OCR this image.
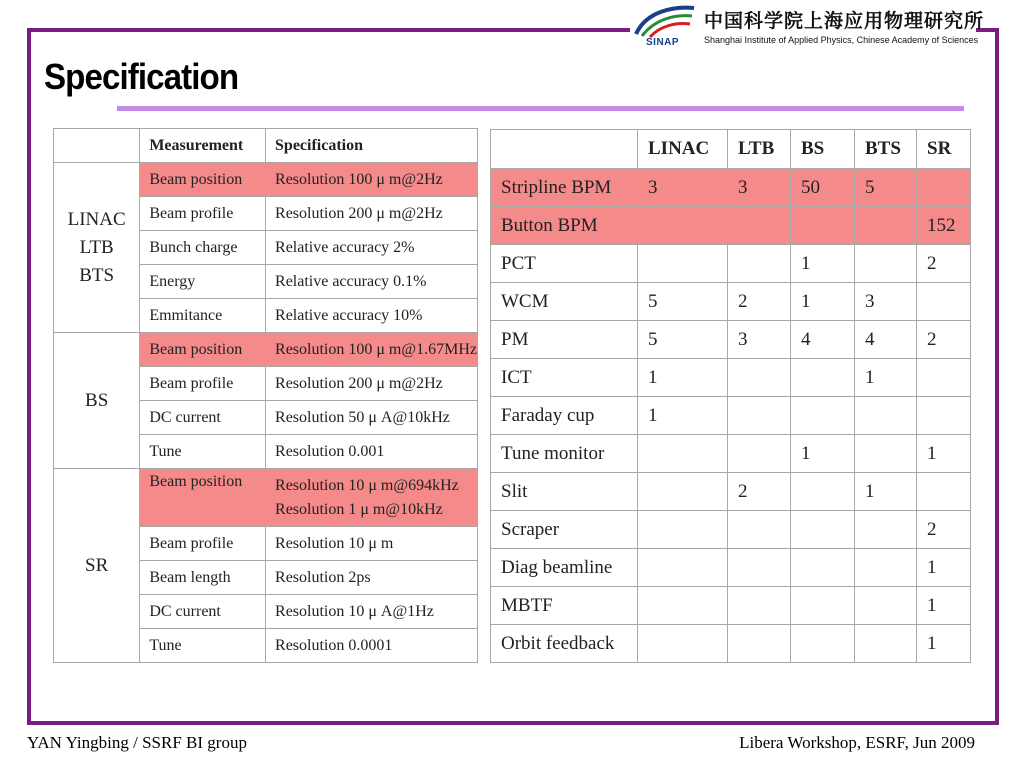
SINAP
中国科学院上海应用物理研究所
Shanghai Institute of Applied Physics, Chinese Academy of Sciences
Specification
	Measurement	Specification

LINAC
LTB
BTS	Beam position	Resolution 100 μ m@2Hz

	Beam profile	Resolution 200 μ m@2Hz

	Bunch charge	Relative accuracy 2%

	Energy	Relative accuracy 0.1%

	Emmitance	Relative accuracy 10%

BS	Beam position	Resolution 100 μ m@1.67MHz

	Beam profile	Resolution 200 μ m@2Hz

	DC current	Resolution 50 μ A@10kHz

	Tune	Resolution 0.001

SR	Beam position	Resolution 10 μ m@694kHz
Resolution 1 μ m@10kHz

	Beam profile	Resolution 10 μ m

	Beam length	Resolution 2ps

	DC current	Resolution 10 μ A@1Hz

	Tune	Resolution 0.0001
	LINAC	LTB	BS	BTS	SR
Stripline BPM	3	3	50	5	
Button BPM					152
PCT			1		2
WCM	5	2	1	3	
PM	5	3	4	4	2
ICT	1			1	
Faraday cup	1				
Tune monitor			1		1
Slit		2		1	
Scraper					2
Diag beamline					1
MBTF					1
Orbit feedback					1
YAN Yingbing / SSRF BI group	Libera Workshop, ESRF, Jun 2009
